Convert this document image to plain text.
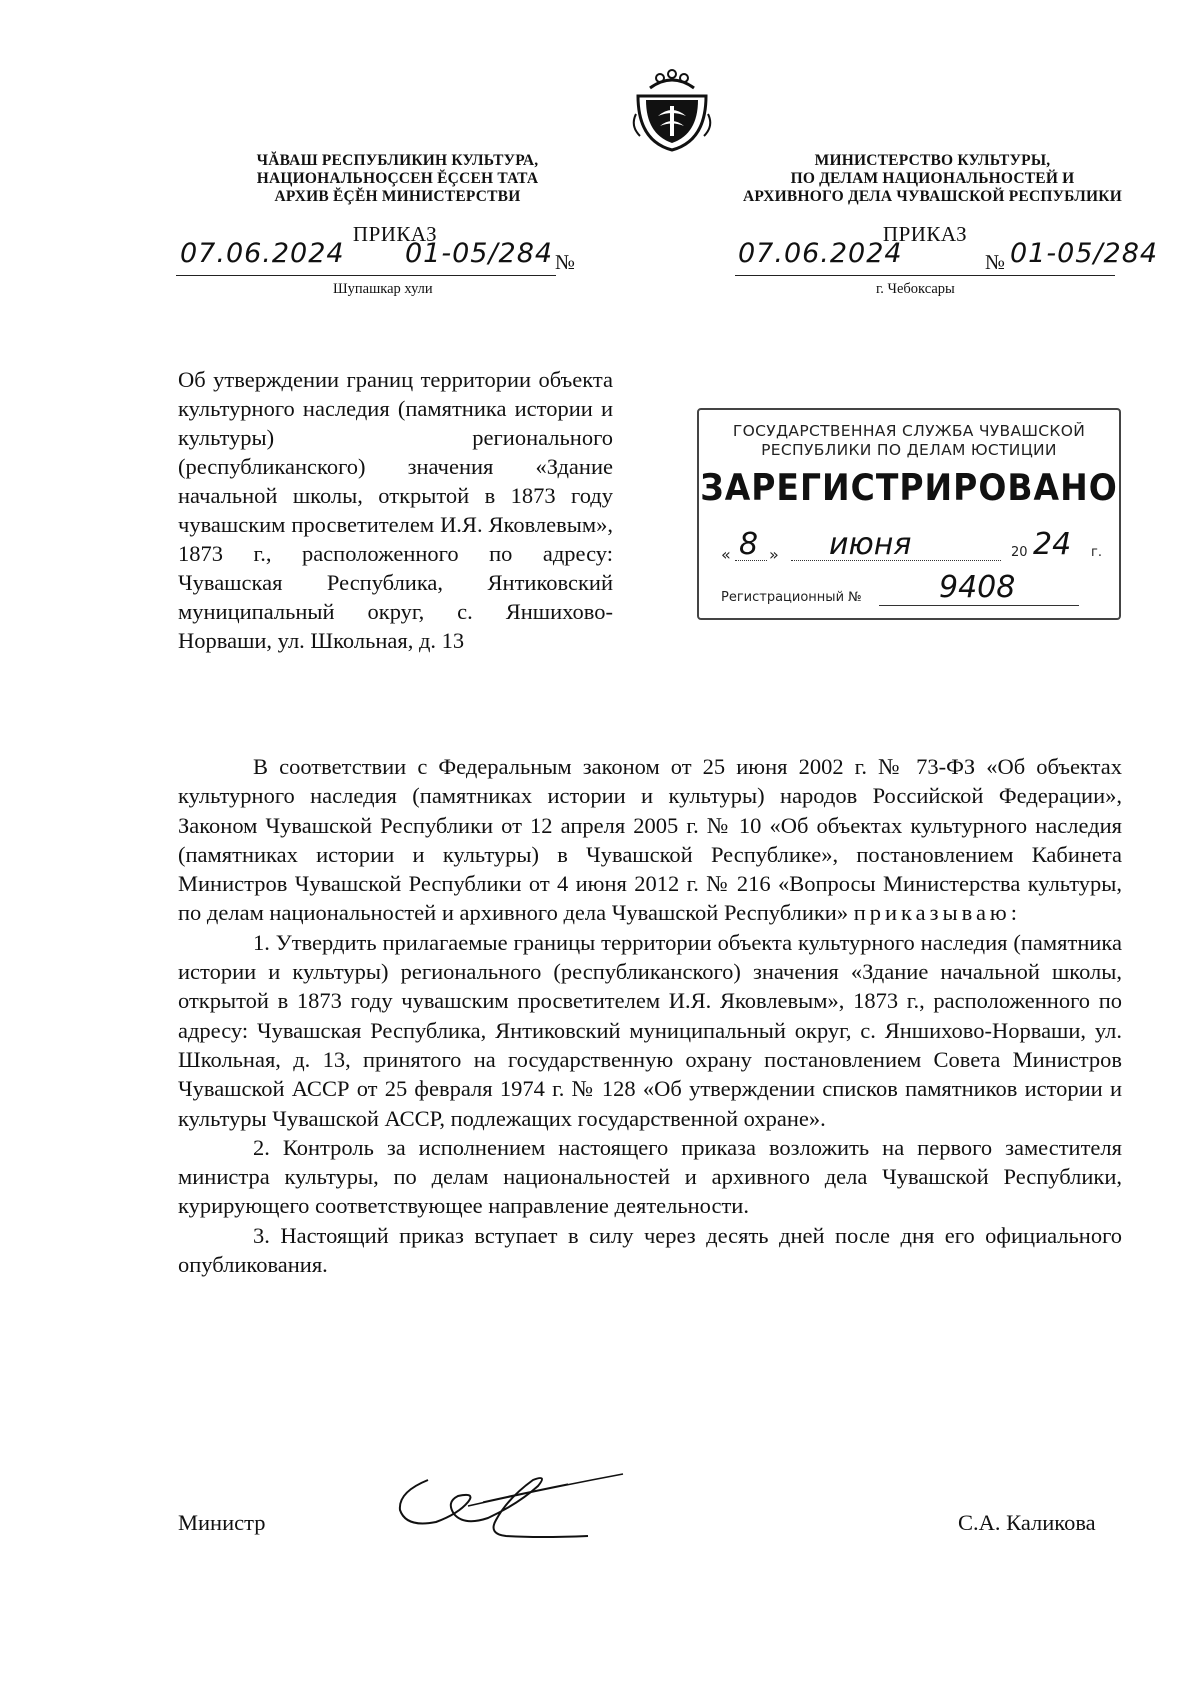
ЧĂВАШ РЕСПУБЛИКИН КУЛЬТУРА,
НАЦИОНАЛЬНОÇСЕН ĔÇСЕН ТАТА
АРХИВ ĔÇĔН МИНИСТЕРСТВИ
МИНИСТЕРСТВО КУЛЬТУРЫ,
ПО ДЕЛАМ НАЦИОНАЛЬНОСТЕЙ И
АРХИВНОГО ДЕЛА ЧУВАШСКОЙ РЕСПУБЛИКИ
ПРИКАЗ
07.06.2024 01-05/284 №
Шупашкар хули
ПРИКАЗ
07.06.2024	№ 01-05/284
г. Чебоксары
Об утверждении границ территории объекта культурного наследия (памятника истории и культуры) регионального (республиканского) значения «Здание начальной школы, открытой в 1873 году чувашским просветителем И.Я. Яковлевым», 1873 г., расположенного по адресу: Чувашская Республика, Янтиковский муниципальный округ, с. Яншихово-Норваши, ул. Школьная, д. 13
ГОСУДАРСТВЕННАЯ СЛУЖБА ЧУВАШСКОЙ
РЕСПУБЛИКИ ПО ДЕЛАМ ЮСТИЦИИ
ЗАРЕГИСТРИРОВАНО
« 8 » июня	20 24 г.
Регистрационный №	9408

В соответствии с Федеральным законом от 25 июня 2002 г. № 73-ФЗ «Об объектах культурного наследия (памятниках истории и культуры) народов Российской Федерации», Законом Чувашской Республики от 12 апреля 2005 г. № 10 «Об объектах культурного наследия (памятниках истории и культуры) в Чувашской Республике», постановлением Кабинета Министров Чувашской Республики от 4 июня 2012 г. № 216 «Вопросы Министерства культуры, по делам национальностей и архивного дела Чувашской Республики» приказываю:

1. Утвердить прилагаемые границы территории объекта культурного наследия (памятника истории и культуры) регионального (республиканского) значения «Здание начальной школы, открытой в 1873 году чувашским просветителем И.Я. Яковлевым», 1873 г., расположенного по адресу: Чувашская Республика, Янтиковский муниципальный округ, с. Яншихово-Норваши, ул. Школьная, д. 13, принятого на государственную охрану постановлением Совета Министров Чувашской АССР от 25 февраля 1974 г. № 128 «Об утверждении списков памятников истории и культуры Чувашской АССР, подлежащих государственной охране».

2. Контроль за исполнением настоящего приказа возложить на первого заместителя министра культуры, по делам национальностей и архивного дела Чувашской Республики, курирующего соответствующее направление деятельности.

3. Настоящий приказ вступает в силу через десять дней после дня его официального опубликования.

Министр	С.А. Каликова
